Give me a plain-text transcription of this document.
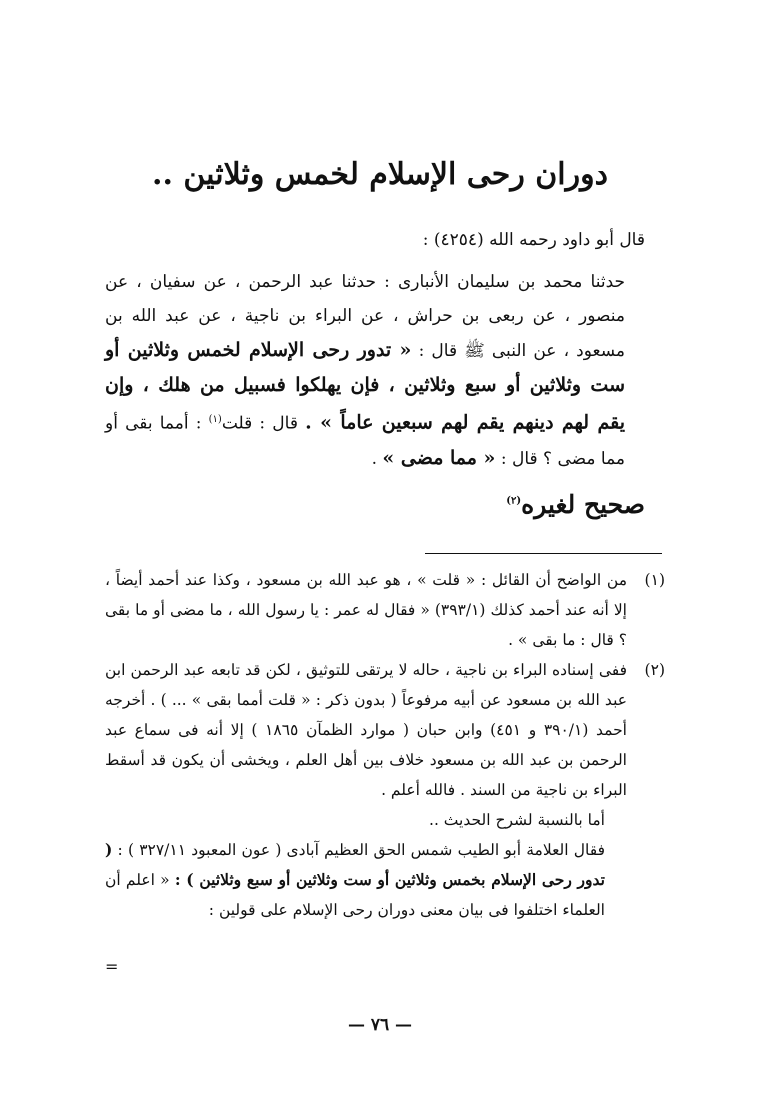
دوران رحى الإسلام لخمس وثلاثين ..
قال أبو داود رحمه الله (٤٢٥٤) :

حدثنا محمد بن سليمان الأنبارى : حدثنا عبد الرحمن ، عن سفيان ، عن منصور ، عن ربعى بن حراش ، عن البراء بن ناجية ، عن عبد الله بن مسعود ، عن النبى ﷺ قال : « تدور رحى الإسلام لخمس وثلاثين أو ست وثلاثين أو سبع وثلاثين ، فإن يهلكوا فسبيل من هلك ، وإن يقم لهم دينهم يقم لهم سبعين عاماً » . قال : قلت$^{(١)}$ : أمما بقى أو مما مضى ؟ قال : « مما مضى » .

صحيح لغيره$^{(٢)}$
(١)

من الواضح أن القائل : « قلت » ، هو عبد الله بن مسعود ، وكذا عند أحمد أيضاً ، إلا أنه عند أحمد كذلك (٣٩٣/١) « فقال له عمر : يا رسول الله ، ما مضى أو ما بقى ؟ قال : ما بقى » .

(٢)

ففى إسناده البراء بن ناجية ، حاله لا يرتقى للتوثيق ، لكن قد تابعه عبد الرحمن ابن عبد الله بن مسعود عن أبيه مرفوعاً ( بدون ذكر : « قلت أمما بقى » ... ) . أخرجه أحمد (٣٩٠/١ و ٤٥١) وابن حبان ( موارد الظمآن ١٨٦٥ ) إلا أنه فى سماع عبد الرحمن بن عبد الله بن مسعود خلاف بين أهل العلم ، ويخشى أن يكون قد أسقط البراء بن ناجية من السند . فالله أعلم .

أما بالنسبة لشرح الحديث ..

فقال العلامة أبو الطيب شمس الحق العظيم آبادى ( عون المعبود ٣٢٧/١١ ) : ( تدور رحى الإسلام بخمس وثلاثين أو ست وثلاثين أو سبع وثلاثين ) : « اعلم أن العلماء اختلفوا فى بيان معنى دوران رحى الإسلام على قولين :

=
— ٧٦ —
